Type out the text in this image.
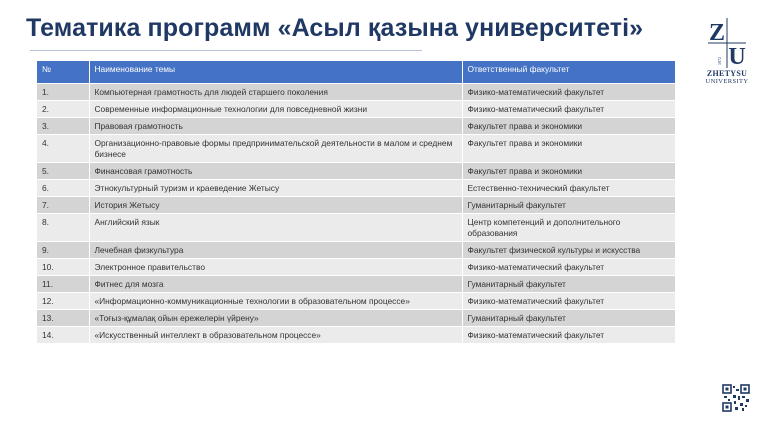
Тематика программ «Асыл қазына университеті»	Z
U
1972
ZHETYSU
UNIVERSITY
№	Наименование темы	Ответственный факультет
1.	Компьютерная грамотность для людей старшего поколения	Физико-математический факультет
2.	Современные информационные технологии для повседневной жизни	Физико-математический факультет
3.	Правовая грамотность	Факультет права и экономики
4.	Организационно-правовые формы предпринимательской деятельности в малом и среднем бизнесе	Факультет права и экономики
5.	Финансовая грамотность	Факультет права и экономики
6.	Этнокультурный туризм и краеведение Жетысу	Естественно-технический факультет
7.	История Жетысу	Гуманитарный факультет
8.	Английский язык	Центр компетенций и дополнительного образования
9.	Лечебная физкультура	Факультет физической культуры и искусства
10.	Электронное правительство	Физико-математический факультет
11.	Фитнес для мозга	Гуманитарный факультет
12.	«Информационно-коммуникационные технологии в образовательном процессе»	Физико-математический факультет
13.	«Тоғыз-құмалақ ойын ережелерін үйрену»	Гуманитарный факультет
14.	«Искусственный интеллект в образовательном процессе»	Физико-математический факультет
